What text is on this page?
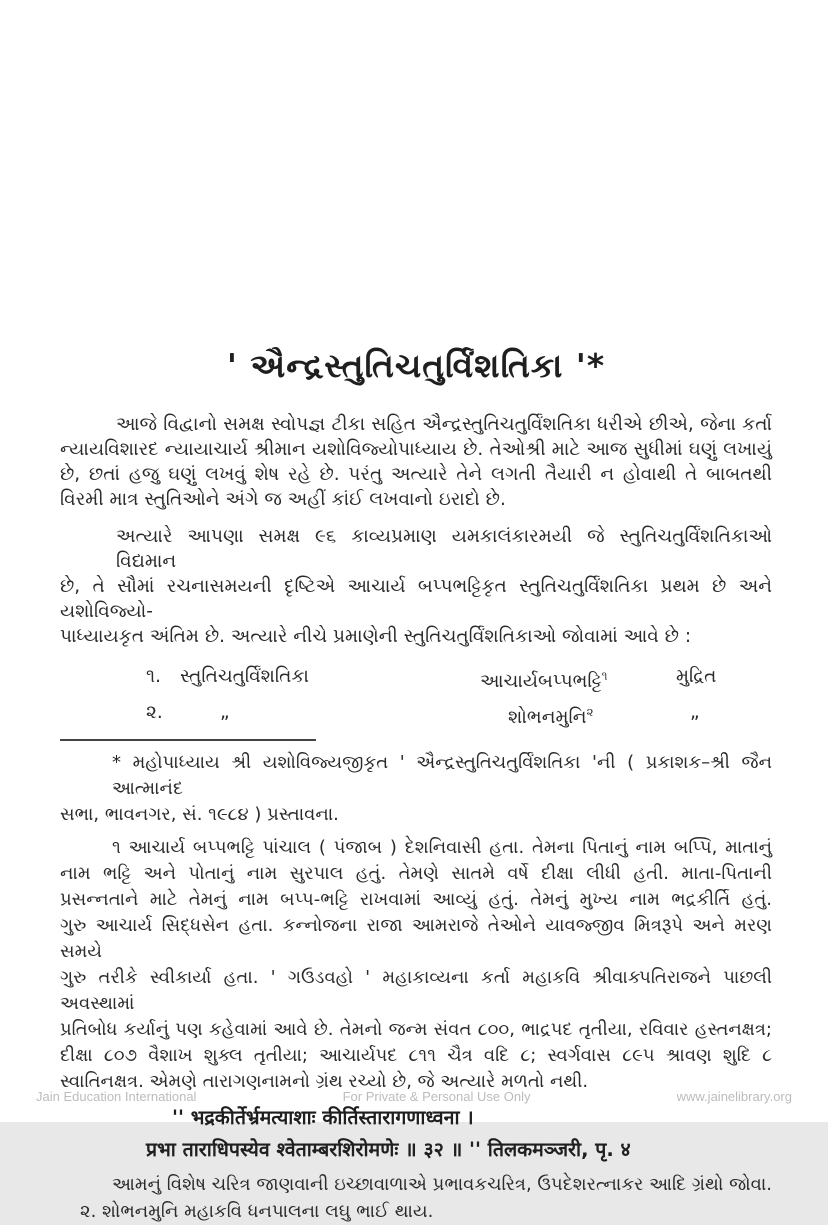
' ઐન્દ્રસ્તુતિચતુર્વિંશતિકા '*
આજે વિદ્વાનો સમક્ષ સ્વોપજ્ઞ ટીકા સહિત ઐન્દ્રસ્તુતિચતુર્વિંશતિકા ધરીએ છીએ, જેના કર્તા
ન્યાયવિશારદ ન્યાયાચાર્ય શ્રીમાન યશોવિજ્યોપાધ્યાય છે. તેઓશ્રી માટે આજ સુધીમાં ઘણું લખાયું
છે, છતાં હજુ ઘણું લખવું શેષ રહે છે. પરંતુ અત્યારે તેને લગતી તૈયારી ન હોવાથી તે બાબતથી
વિરમી માત્ર સ્તુતિઓને અંગે જ અહીં કાંઈ લખવાનો ઇરાદો છે.
અત્યારે આપણા સમક્ષ ૯૬ કાવ્યપ્રમાણ યમકાલંકારમયી જે સ્તુતિચતુર્વિંશતિકાઓ વિદ્યમાન
છે, તે સૌમાં રચનાસમયની દૃષ્ટિએ આચાર્ય બપ્પભટ્ટિકૃત સ્તુતિચતુર્વિંશતિકા પ્રથમ છે અને યશોવિજ્યો-
પાધ્યાયકૃત અંતિમ છે. અત્યારે નીચે પ્રમાણેની સ્તુતિચતુર્વિંશતિકાઓ જોવામાં આવે છે :
૧.	સ્તુતિચતુર્વિંશતિકા	આચાર્યબપ્પભટ્ટિ$^૧$	મુદ્રિત
૨.	„	શોભનમુનિ$^૨$	„
* મહોપાધ્યાય શ્રી યશોવિજ્યજીકૃત ' ઐન્દ્રસ્તુતિચતુર્વિંશતિકા 'ની ( પ્રકાશક–શ્રી જૈન આત્માનંદ
સભા, ભાવનગર, સં. ૧૯૮૪ ) પ્રસ્તાવના.
૧ આચાર્ય બપ્પભટ્ટિ પાંચાલ ( પંજાબ ) દેશનિવાસી હતા. તેમના પિતાનું નામ બપ્પિ, માતાનું
નામ ભટ્ટિ અને પોતાનું નામ સુરપાલ હતું. તેમણે સાતમે વર્ષે દીક્ષા લીધી હતી. માતા-પિતાની
પ્રસન્નતાને માટે તેમનું નામ બપ્પ-ભટ્ટિ રાખવામાં આવ્યું હતું. તેમનું મુખ્ય નામ ભદ્રકીર્તિ હતું.
ગુરુ આચાર્ય સિદ્ધસેન હતા. કન્નોજના રાજા આમરાજે તેઓને યાવજ્જીવ મિત્રરૂપે અને મરણ સમયે
ગુરુ તરીકે સ્વીકાર્યા હતા. ' ગઉડવહો ' મહાકાવ્યના કર્તા મહાકવિ શ્રીવાક્પતિરાજને પાછલી અવસ્થામાં
પ્રતિબોધ કર્યાનું પણ કહેવામાં આવે છે. તેમનો જન્મ સંવત ૮૦૦, ભાદ્રપદ તૃતીયા, રવિવાર હસ્તનક્ષત્ર;
દીક્ષા ૮૦૭ વૈશાખ શુક્લ તૃતીયા; આચાર્યપદ ૮૧૧ ચૈત્ર વદિ ૮; સ્વર્ગવાસ ૮૯૫ શ્રાવણ શુદિ ૮
સ્વાતિનક્ષત્ર. એમણે તારાગણનામનો ગ્રંથ રચ્યો છે, જે અત્યારે મળતો નથી.
'' भद्रकीर्तेर्भ्रमत्याशाः कीर्तिस्तारागणाध्वना ।
प्रभा ताराधिपस्येव श्वेताम्बरशिरोमणेः ॥ ३२ ॥ '' तिलकमञ्जरी, पृ. ४
આમનું વિશેષ ચરિત્ર જાણવાની ઇચ્છાવાળાએ પ્રભાવકચરિત્ર, ઉપદેશરત્નાકર આદિ ગ્રંથો જોવા.
૨. શોભનમુનિ મહાકવિ ધનપાલના લઘુ ભાઈ થાય.
Jain Education International	For Private & Personal Use Only	www.jainelibrary.org
